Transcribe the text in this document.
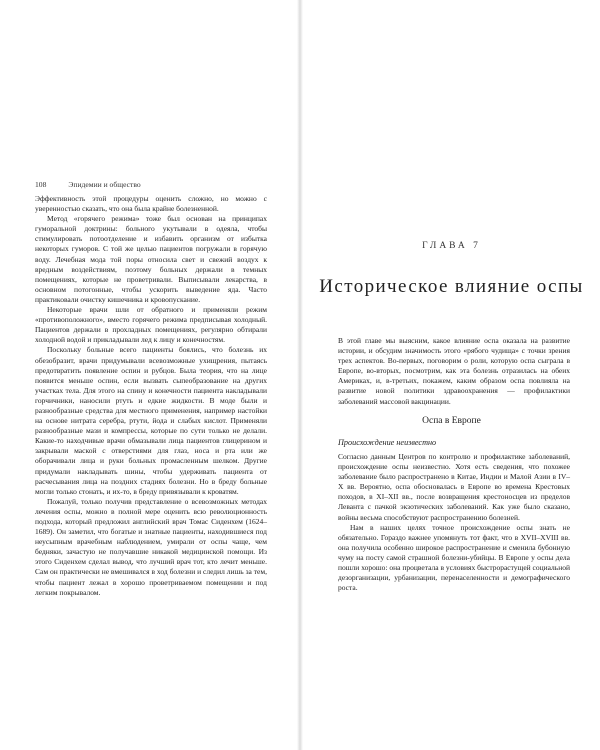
108	Эпидемии и общество

Эффективность этой процедуры оценить сложно, но можно с уверенностью сказать, что она была крайне болезненной.

Метод «горячего режима» тоже был основан на принципах гуморальной доктрины: больного укутывали в одеяла, чтобы стимулировать потоотделение и избавить организм от избытка некоторых гуморов. С той же целью пациентов погружали в горячую воду. Лечебная мода той поры относила свет и свежий воздух к вредным воздействиям, поэтому больных держали в темных помещениях, которые не проветривали. Выписывали лекарства, в основном потогонные, чтобы ускорить выведение яда. Часто практиковали очистку кишечника и кровопускание.

Некоторые врачи шли от обратного и применяли режим «противоположного», вместо горячего режима предписывая холодный. Пациентов держали в прохладных помещениях, регулярно обтирали холодной водой и прикладывали лед к лицу и конечностям.

Поскольку больные всего пациенты боялись, что болезнь их обезобразит, врачи придумывали всевозможные ухищрения, пытаясь предотвратить появление оспин и рубцов. Была теория, что на лице появится меньше оспин, если вызвать сыпеобразование на других участках тела. Для этого на спину и конечности пациента накладывали горчичники, наносили ртуть и едкие жидкости. В моде были и разнообразные средства для местного применения, например настойки на основе нитрата серебра, ртути, йода и слабых кислот. Применяли разнообразные мази и компрессы, которые по сути только не делали. Какие-то находчивые врачи обмазывали лица пациентов глицерином и закрывали маской с отверстиями для глаз, носа и рта или же оборачивали лица и руки больных промасленным шелком. Другие придумали накладывать шины, чтобы удерживать пациента от расчесывания лица на поздних стадиях болезни. Но в бреду больные могли только стонать, и их-то, в бреду привязывали к кроватям.

Пожалуй, только получив представление о всевозможных методах лечения оспы, можно в полной мере оценить всю революционность подхода, который предложил английский врач Томас Сиденхем (1624–1689). Он заметил, что богатые и знатные пациенты, находившиеся под неусыпным врачебным наблюдением, умирали от оспы чаще, чем бедняки, зачастую не получавшие никакой медицинской помощи. Из этого Сиденхем сделал вывод, что лучший врач тот, кто лечит меньше. Сам он практически не вмешивался в ход болезни и следил лишь за тем, чтобы пациент лежал в хорошо проветриваемом помещении и под легким покрывалом.

ГЛАВА 7
Историческое влияние оспы

В этой главе мы выясним, какое влияние оспа оказала на развитие истории, и обсудим значимость этого «рябого чудища» с точки зрения трех аспектов. Во-первых, поговорим о роли, которую оспа сыграла в Европе, во-вторых, посмотрим, как эта болезнь отразилась на обеих Америках, и, в-третьих, покажем, каким образом оспа повлияла на развитие новой политики здравоохранения — профилактики заболеваний массовой вакцинации.

Оспа в Европе
Происхождение неизвестно

Согласно данным Центров по контролю и профилактике заболеваний, происхождение оспы неизвестно. Хотя есть сведения, что похожее заболевание было распространено в Китае, Индии и Малой Азии в IV–X вв. Вероятно, оспа обосновалась в Европе во времена Крестовых походов, в XI–XII вв., после возвращения крестоносцев из пределов Леванта с пачкой экзотических заболеваний. Как уже было сказано, войны весьма способствуют распространению болезней.

Нам в наших целях точное происхождение оспы знать не обязательно. Гораздо важнее упомянуть тот факт, что в XVII–XVIII вв. она получила особенно широкое распространение и сменила бубонную чуму на посту самой страшной болезни-убийцы. В Европе у оспы дела пошли хорошо: она процветала в условиях быстрорастущей социальной дезорганизации, урбанизации, перенаселенности и демографического роста.
